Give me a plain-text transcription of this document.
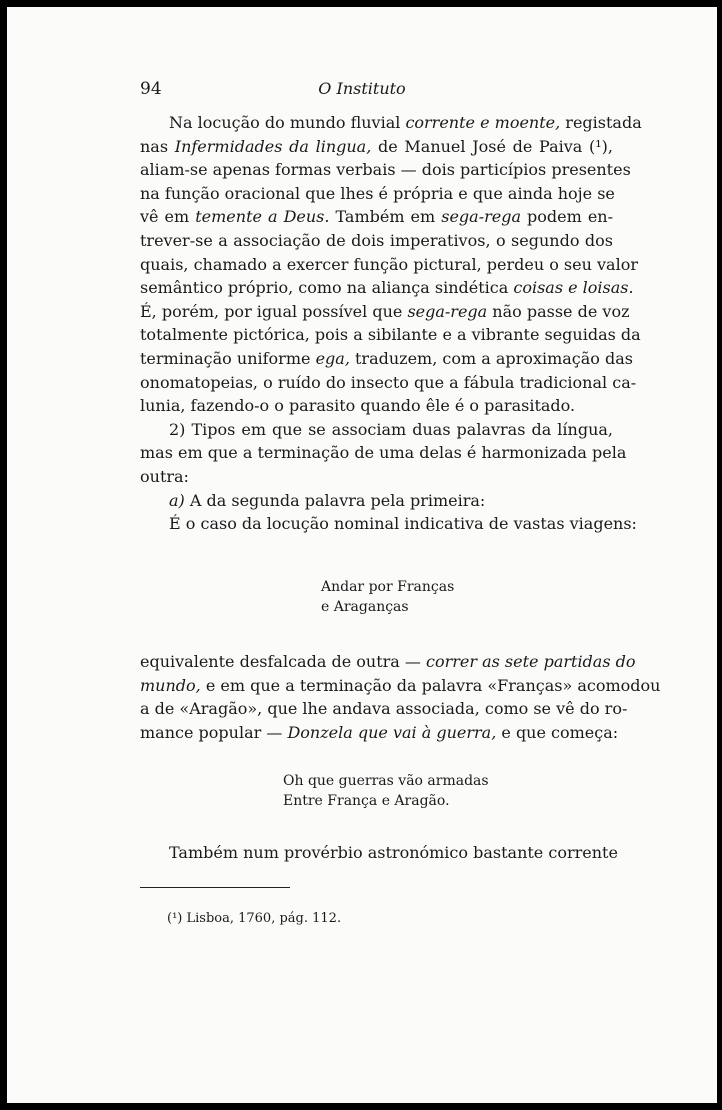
94	O Instituto

Na locução do mundo fluvial corrente e moente, registada
nas Infermidades da lingua, de Manuel José de Paiva (¹),
aliam-se apenas formas verbais — dois particípios presentes
na função oracional que lhes é própria e que ainda hoje se
vê em temente a Deus. Também em sega-rega podem en-
trever-se a associação de dois imperativos, o segundo dos
quais, chamado a exercer função pictural, perdeu o seu valor
semântico próprio, como na aliança sindética coisas e loisas.
É, porém, por igual possível que sega-rega não passe de voz
totalmente pictórica, pois a sibilante e a vibrante seguidas da
terminação uniforme ega, traduzem, com a aproximação das
onomatopeias, o ruído do insecto que a fábula tradicional ca-
lunia, fazendo-o o parasito quando êle é o parasitado.

2) Tipos em que se associam duas palavras da língua,
mas em que a terminação de uma delas é harmonizada pela
outra:

a) A da segunda palavra pela primeira:

É o caso da locução nominal indicativa de vastas viagens:

Andar por Franças
e Araganças

equivalente desfalcada de outra — correr as sete partidas do
mundo, e em que a terminação da palavra «Franças» acomodou
a de «Aragão», que lhe andava associada, como se vê do ro-
mance popular — Donzela que vai à guerra, e que começa:

Oh que guerras vão armadas
Entre França e Aragão.

Também num provérbio astronómico bastante corrente

(¹) Lisboa, 1760, pág. 112.
